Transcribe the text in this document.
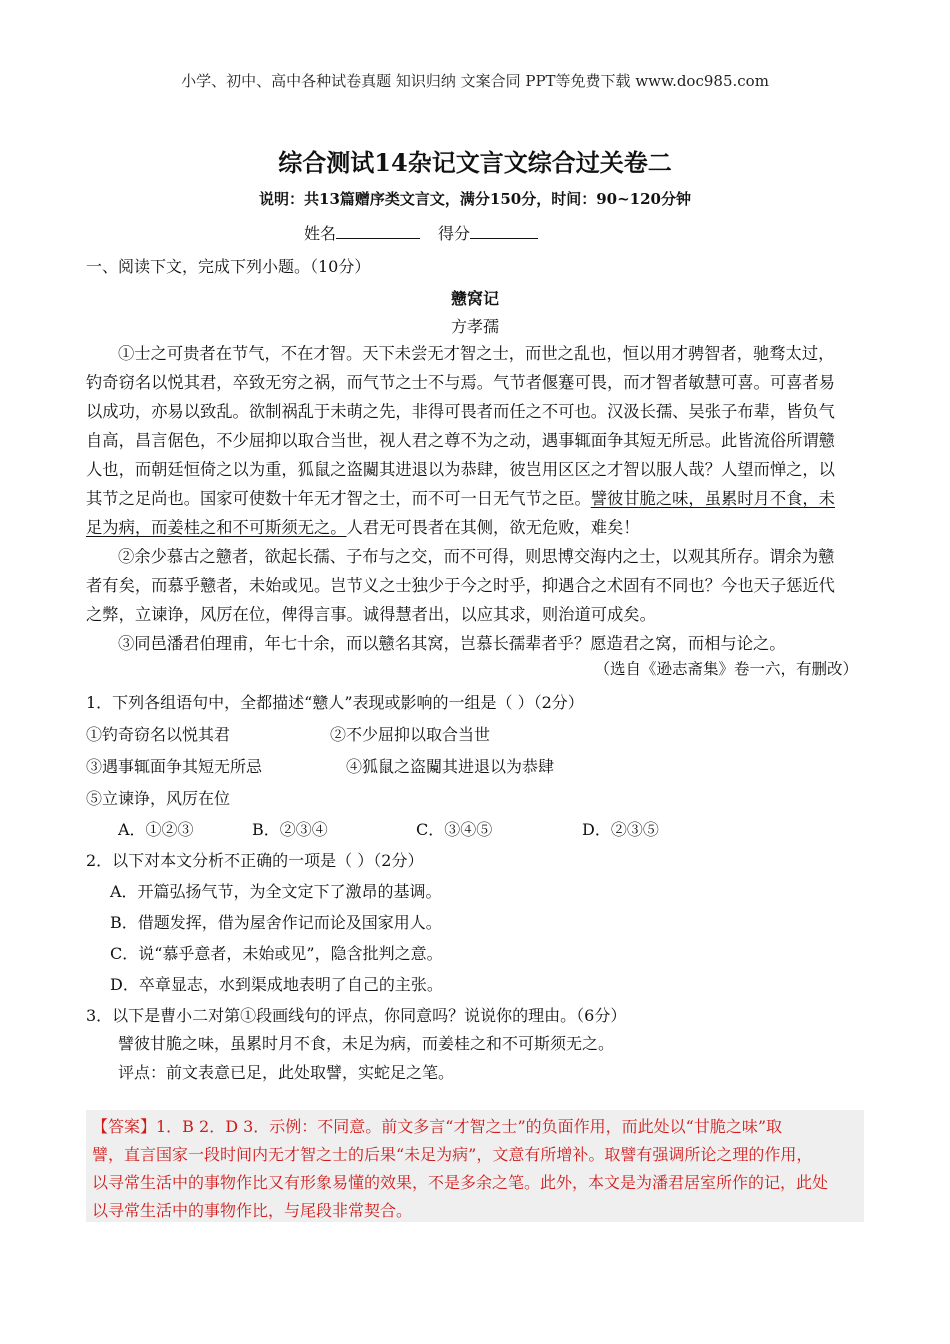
小学、初中、高中各种试卷真题 知识归纳 文案合同 PPT等免费下载 www.doc985.com
综合测试14杂记文言文综合过关卷二
说明：共13篇赠序类文言文，满分150分，时间：90~120分钟
姓名	得分
一、阅读下文，完成下列小题。（10分）
戆窝记
方孝孺
①士之可贵者在节气，不在才智。天下未尝无才智之士，而世之乱也，恒以用才骋智者，驰骛太过，
钓奇窃名以悦其君，卒致无穷之祸，而气节之士不与焉。气节者偃蹇可畏，而才智者敏慧可喜。可喜者易
以成功，亦易以致乱。欲制祸乱于未萌之先，非得可畏者而任之不可也。汉汲长孺、吴张子布辈，皆负气
自高，昌言倨色，不少屈抑以取合当世，视人君之尊不为之动，遇事辄面争其短无所忌。此皆流俗所谓戆
人也，而朝廷恒倚之以为重，狐鼠之盗闚其进退以为恭肆，彼岂用区区之才智以服人哉？人望而惮之，以
其节之足尚也。国家可使数十年无才智之士，而不可一日无气节之臣。譬彼甘脆之味，虽累时月不食，未
足为病，而姜桂之和不可斯须无之。人君无可畏者在其侧，欲无危败，难矣！
②余少慕古之戆者，欲起长孺、子布与之交，而不可得，则思博交海内之士，以观其所存。谓余为戆
者有矣，而慕乎戆者，未始或见。岂节义之士独少于今之时乎，抑遇合之术固有不同也？今也天子惩近代
之弊，立谏诤，风厉在位，俾得言事。诚得慧者出，以应其求，则治道可成矣。
③同邑潘君伯理甫，年七十余，而以戆名其窝，岂慕长孺辈者乎？愿造君之窝，而相与论之。
（选自《逊志斋集》卷一六，有删改）
1．下列各组语句中，全都描述“戆人”表现或影响的一组是（ ）（2分）
①钓奇窃名以悦其君	②不少屈抑以取合当世
③遇事辄面争其短无所忌	④狐鼠之盗闚其进退以为恭肆
⑤立谏诤，风厉在位
A．①②③	B．②③④	C．③④⑤	D．②③⑤
2．以下对本文分析不正确的一项是（ ）（2分）
A．开篇弘扬气节，为全文定下了激昂的基调。
B．借题发挥，借为屋舍作记而论及国家用人。
C．说“慕乎意者，未始或见”，隐含批判之意。
D．卒章显志，水到渠成地表明了自己的主张。
3．以下是曹小二对第①段画线句的评点，你同意吗？说说你的理由。（6分）
譬彼甘脆之味，虽累时月不食，未足为病，而姜桂之和不可斯须无之。
评点：前文表意已足，此处取譬，实蛇足之笔。
【答案】1．B 2．D 3．示例：不同意。前文多言“才智之士”的负面作用，而此处以“甘脆之味”取
譬，直言国家一段时间内无才智之士的后果“未足为病”，文意有所增补。取譬有强调所论之理的作用，
以寻常生活中的事物作比又有形象易懂的效果，不是多余之笔。此外，本文是为潘君居室所作的记，此处
以寻常生活中的事物作比，与尾段非常契合。
